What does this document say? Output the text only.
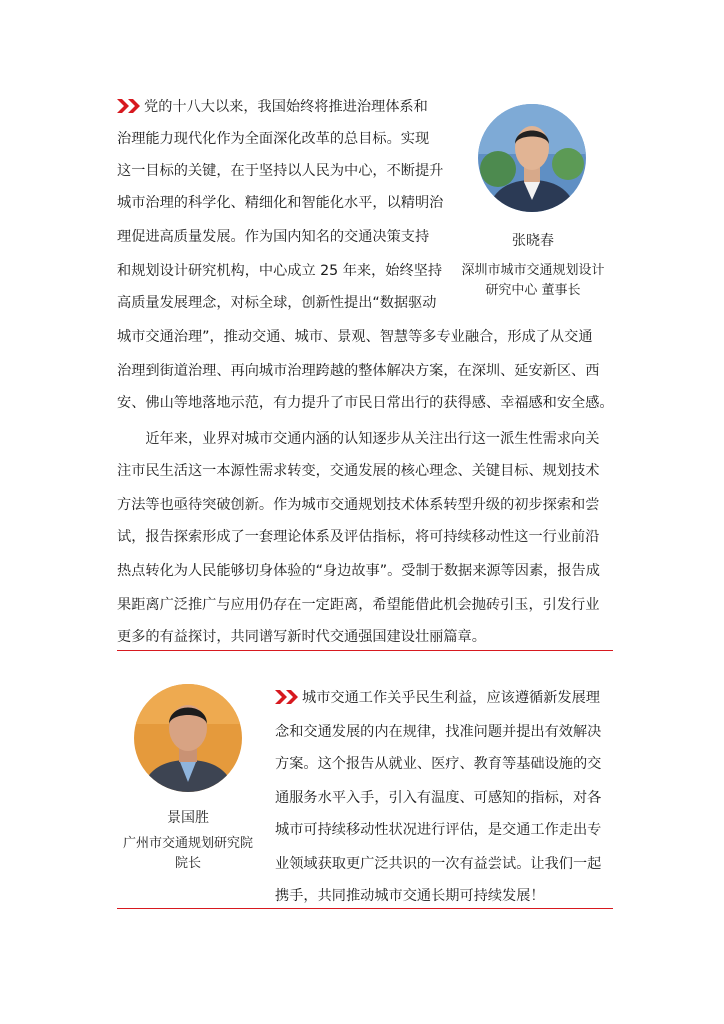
党的十八大以来，我国始终将推进治理体系和
治理能力现代化作为全面深化改革的总目标。实现
这一目标的关键，在于坚持以人民为中心，不断提升
城市治理的科学化、精细化和智能化水平，以精明治
理促进高质量发展。作为国内知名的交通决策支持
和规划设计研究机构，中心成立 25 年来，始终坚持
高质量发展理念，对标全球，创新性提出“数据驱动
城市交通治理”，推动交通、城市、景观、智慧等多专业融合，形成了从交通
治理到街道治理、再向城市治理跨越的整体解决方案，在深圳、延安新区、西
安、佛山等地落地示范，有力提升了市民日常出行的获得感、幸福感和安全感。
　　近年来，业界对城市交通内涵的认知逐步从关注出行这一派生性需求向关
注市民生活这一本源性需求转变，交通发展的核心理念、关键目标、规划技术
方法等也亟待突破创新。作为城市交通规划技术体系转型升级的初步探索和尝
试，报告探索形成了一套理论体系及评估指标，将可持续移动性这一行业前沿
热点转化为人民能够切身体验的“身边故事”。受制于数据来源等因素，报告成
果距离广泛推广与应用仍存在一定距离，希望能借此机会抛砖引玉，引发行业
更多的有益探讨，共同谱写新时代交通强国建设壮丽篇章。
张晓春
深圳市城市交通规划设计
研究中心 董事长
景国胜
广州市交通规划研究院
院长
城市交通工作关乎民生利益，应该遵循新发展理
念和交通发展的内在规律，找准问题并提出有效解决
方案。这个报告从就业、医疗、教育等基础设施的交
通服务水平入手，引入有温度、可感知的指标，对各
城市可持续移动性状况进行评估，是交通工作走出专
业领域获取更广泛共识的一次有益尝试。让我们一起
携手，共同推动城市交通长期可持续发展！
